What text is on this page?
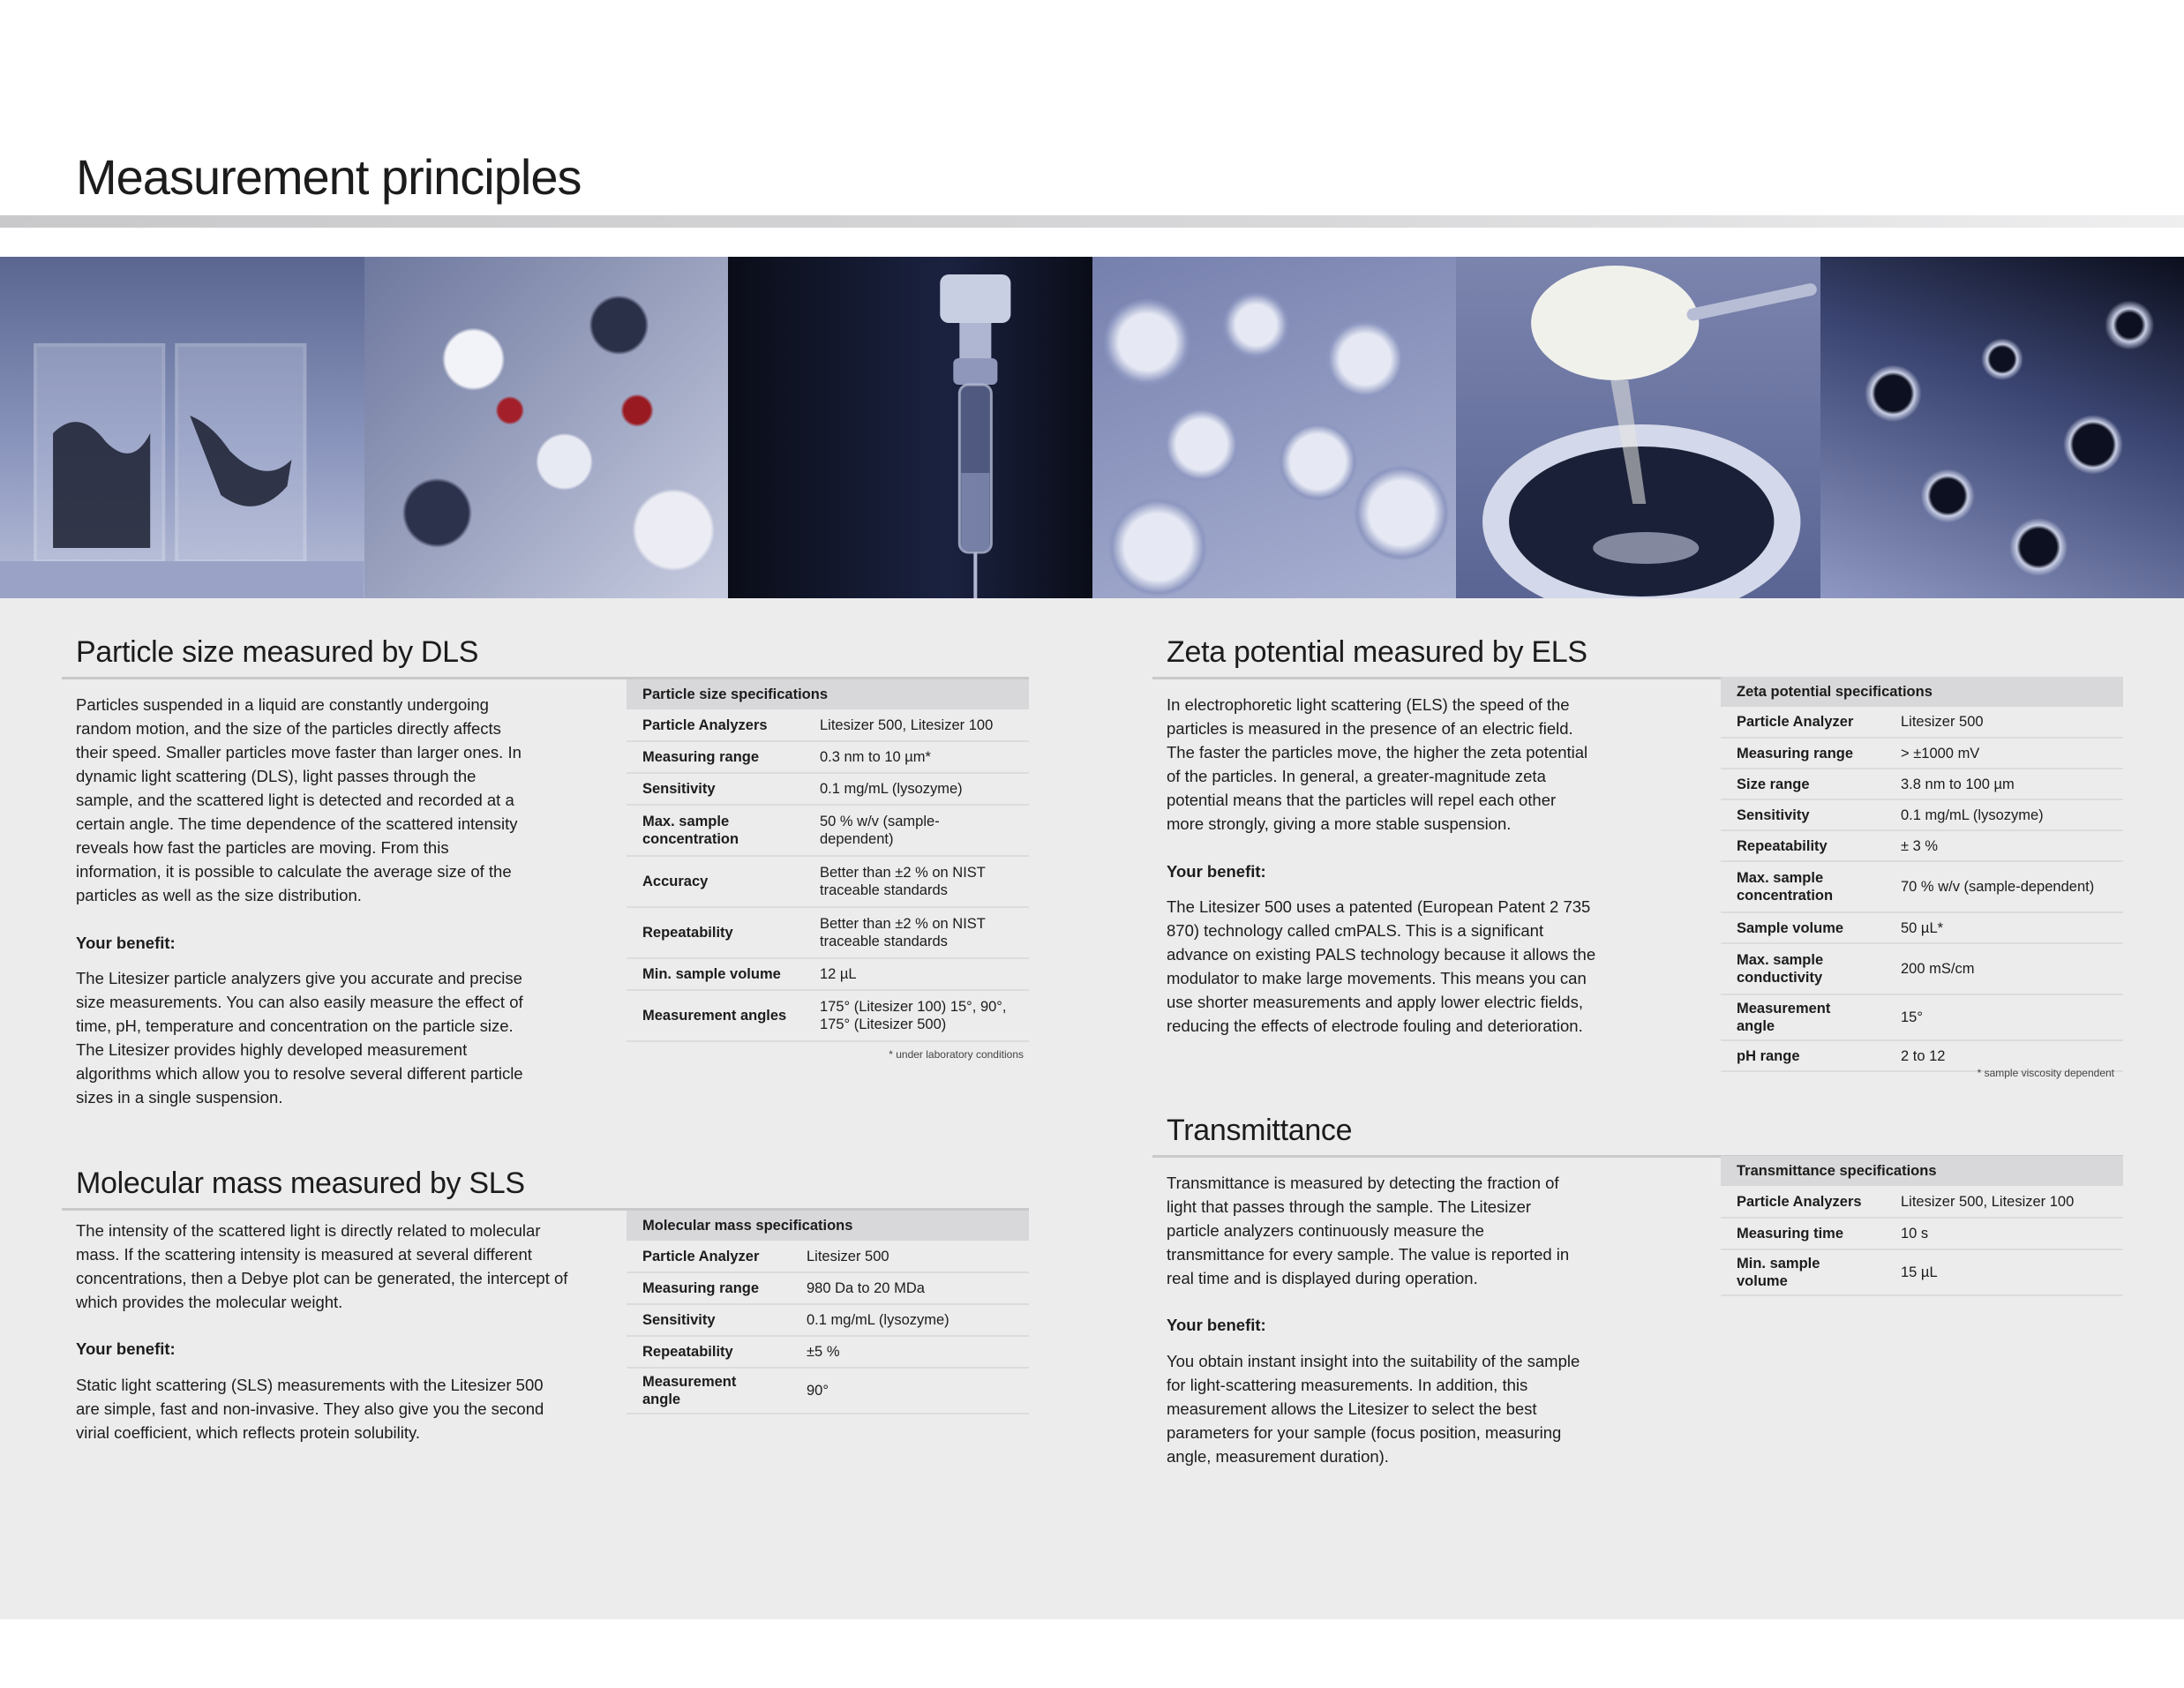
Measurement principles
Particle size measured by DLS

Particles suspended in a liquid are constantly undergoing random motion, and the size of the particles directly affects their speed. Smaller particles move faster than larger ones. In dynamic light scattering (DLS), light passes through the sample, and the scattered light is detected and recorded at a certain angle. The time dependence of the scattered intensity reveals how fast the particles are moving. From this information, it is possible to calculate the average size of the particles as well as the size distribution.

Your benefit:

The Litesizer particle analyzers give you accurate and precise size measurements. You can also easily measure the effect of time, pH, temperature and concentration on the particle size. The Litesizer provides highly developed measurement algorithms which allow you to resolve several different particle sizes in a single suspension.

Particle size specifications	
Particle Analyzers	Litesizer 500, Litesizer 100
Measuring range	0.3 nm to 10 µm*
Sensitivity	0.1 mg/mL (lysozyme)
Max. sample concentration	50 % w/v (sample-dependent)
Accuracy	Better than ±2 % on NIST traceable standards
Repeatability	Better than ±2 % on NIST traceable standards
Min. sample volume	12 µL
Measurement angles	175° (Litesizer 100) 15°, 90°, 175° (Litesizer 500)
* under laboratory conditions
Molecular mass measured by SLS

The intensity of the scattered light is directly related to molecular mass. If the scattering intensity is measured at several different concentrations, then a Debye plot can be generated, the intercept of which provides the molecular weight.

Your benefit:

Static light scattering (SLS) measurements with the Litesizer 500 are simple, fast and non-invasive. They also give you the second virial coefficient, which reflects protein solubility.

Molecular mass specifications	
Particle Analyzer	Litesizer 500
Measuring range	980 Da to 20 MDa
Sensitivity	0.1 mg/mL (lysozyme)
Repeatability	±5 %
Measurement angle	90°
Zeta potential measured by ELS

In electrophoretic light scattering (ELS) the speed of the particles is measured in the presence of an electric field. The faster the particles move, the higher the zeta potential of the particles. In general, a greater-magnitude zeta potential means that the particles will repel each other more strongly, giving a more stable suspension.

Your benefit:

The Litesizer 500 uses a patented (European Patent 2 735 870) technology called cmPALS. This is a significant advance on existing PALS technology because it allows the modulator to make large movements. This means you can use shorter measurements and apply lower electric fields, reducing the effects of electrode fouling and deterioration.

Zeta potential specifications	
Particle Analyzer	Litesizer 500
Measuring range	> ±1000 mV
Size range	3.8 nm to 100 µm
Sensitivity	0.1 mg/mL (lysozyme)
Repeatability	± 3 %
Max. sample concentration	70 % w/v (sample-dependent)
Sample volume	50 µL*
Max. sample conductivity	200 mS/cm
Measurement angle	15°
pH range	2 to 12
* sample viscosity dependent
Transmittance

Transmittance is measured by detecting the fraction of light that passes through the sample. The Litesizer particle analyzers continuously measure the transmittance for every sample. The value is reported in real time and is displayed during operation.

Your benefit:

You obtain instant insight into the suitability of the sample for light-scattering measurements. In addition, this measurement allows the Litesizer to select the best parameters for your sample (focus position, measuring angle, measurement duration).

Transmittance specifications	
Particle Analyzers	Litesizer 500, Litesizer 100
Measuring time	10 s
Min. sample volume	15 µL
